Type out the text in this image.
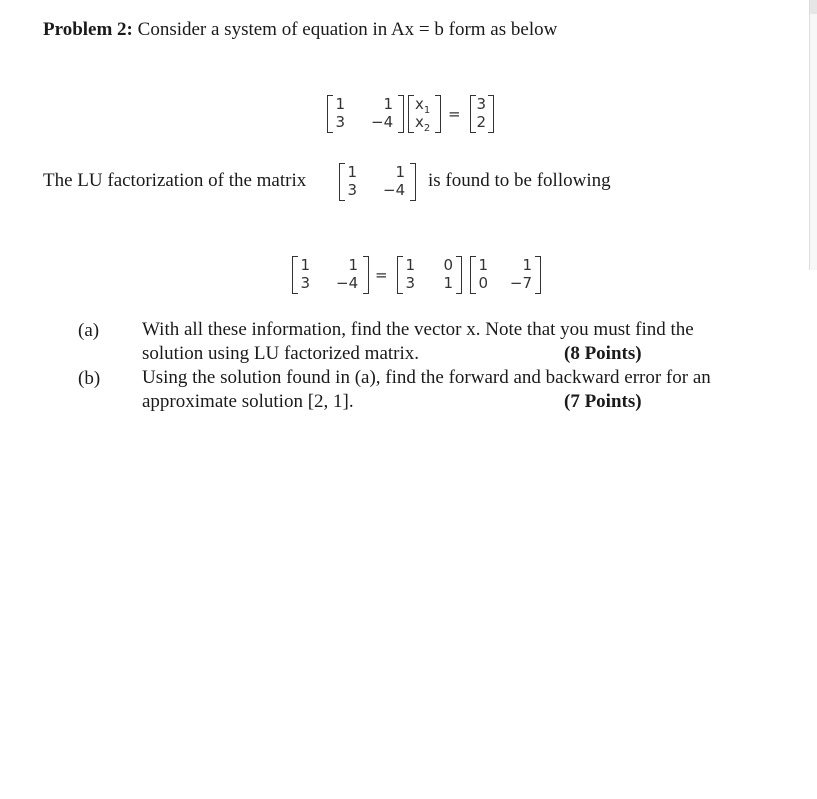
Problem 2: Consider a system of equation in Ax = b form as below
1	1
3 −4
$x_1$
$x_2$
=
3
2
The LU factorization of the matrix	1	1
3 −4 is found to be following
1	1
3 −4 =
1	0
3	1
1	1
0 −7
(a) With all these information, find the vector x. Note that you must find the
solution using LU factorized matrix.	(8 Points)
(b) Using the solution found in (a), find the forward and backward error for an
approximate solution [2, 1].	(7 Points)
